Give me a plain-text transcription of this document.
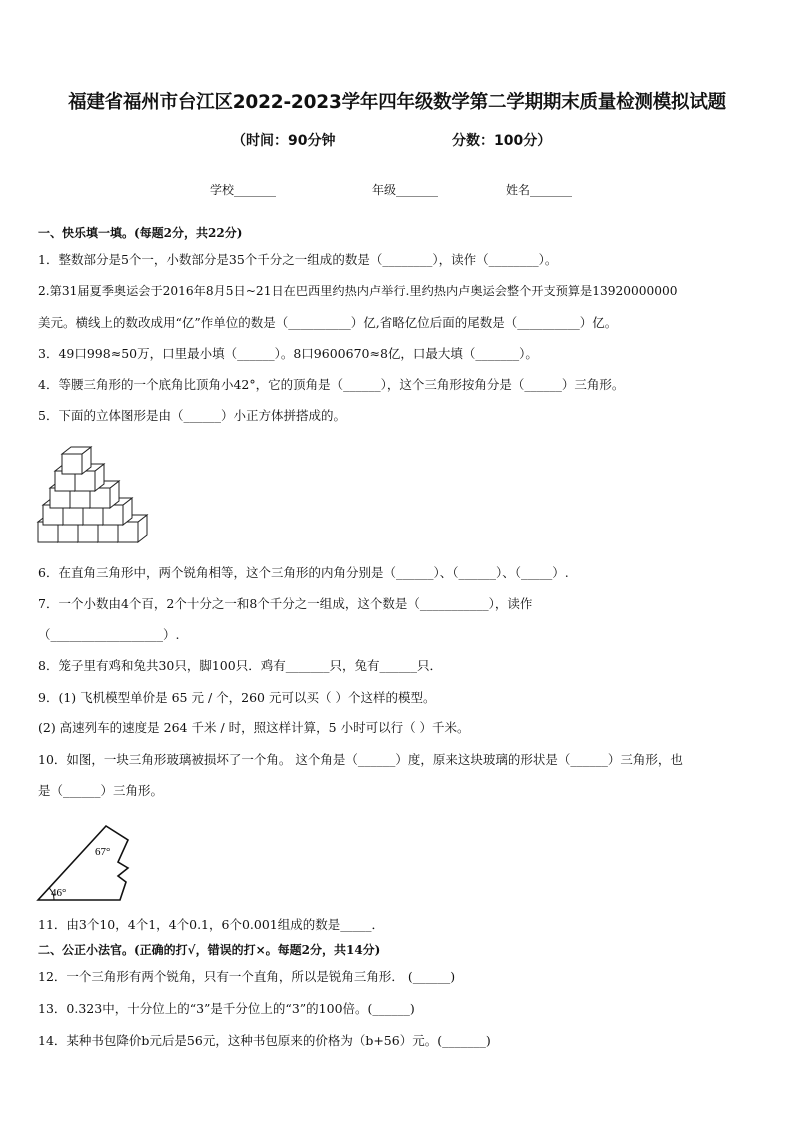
福建省福州市台江区2022-2023学年四年级数学第二学期期末质量检测模拟试题
（时间：90分钟	分数：100分）
学校_______	年级_______	姓名_______
一、快乐填一填。(每题2分，共22分)
1．整数部分是5个一，小数部分是35个千分之一组成的数是（________），读作（________）。
2.第31届夏季奥运会于2016年8月5日~21日在巴西里约热内卢举行.里约热内卢奥运会整个开支预算是13920000000
美元。横线上的数改成用“亿”作单位的数是（__________）亿,省略亿位后面的尾数是（__________）亿。
3．49口998≈50万，口里最小填（______）。8口9600670≈8亿，口最大填（_______）。
4．等腰三角形的一个底角比顶角小42°，它的顶角是（______），这个三角形按角分是（______）三角形。
5．下面的立体图形是由（______）小正方体拼搭成的。
6．在直角三角形中，两个锐角相等，这个三角形的内角分别是（______）、（______）、（_____）.
7．一个小数由4个百，2个十分之一和8个千分之一组成，这个数是（___________），读作
（__________________）.
8．笼子里有鸡和兔共30只，脚100只．鸡有_______只，兔有______只．
9．(1) 飞机模型单价是 65 元 / 个，260 元可以买（ ）个这样的模型。
(2) 高速列车的速度是 264 千米 / 时，照这样计算，5 小时可以行（ ）千米。
10．如图，一块三角形玻璃被损坏了一个角。 这个角是（______）度，原来这块玻璃的形状是（______）三角形，也
是（______）三角形。
67°
46°
11．由3个10，4个1，4个0.1，6个0.001组成的数是_____．
二、公正小法官。(正确的打√，错误的打×。每题2分，共14分)
12．一个三角形有两个锐角，只有一个直角，所以是锐角三角形． (______)
13．0.323中，十分位上的“3”是千分位上的“3”的100倍。(______)
14．某种书包降价b元后是56元，这种书包原来的价格为（b+56）元。(_______)
